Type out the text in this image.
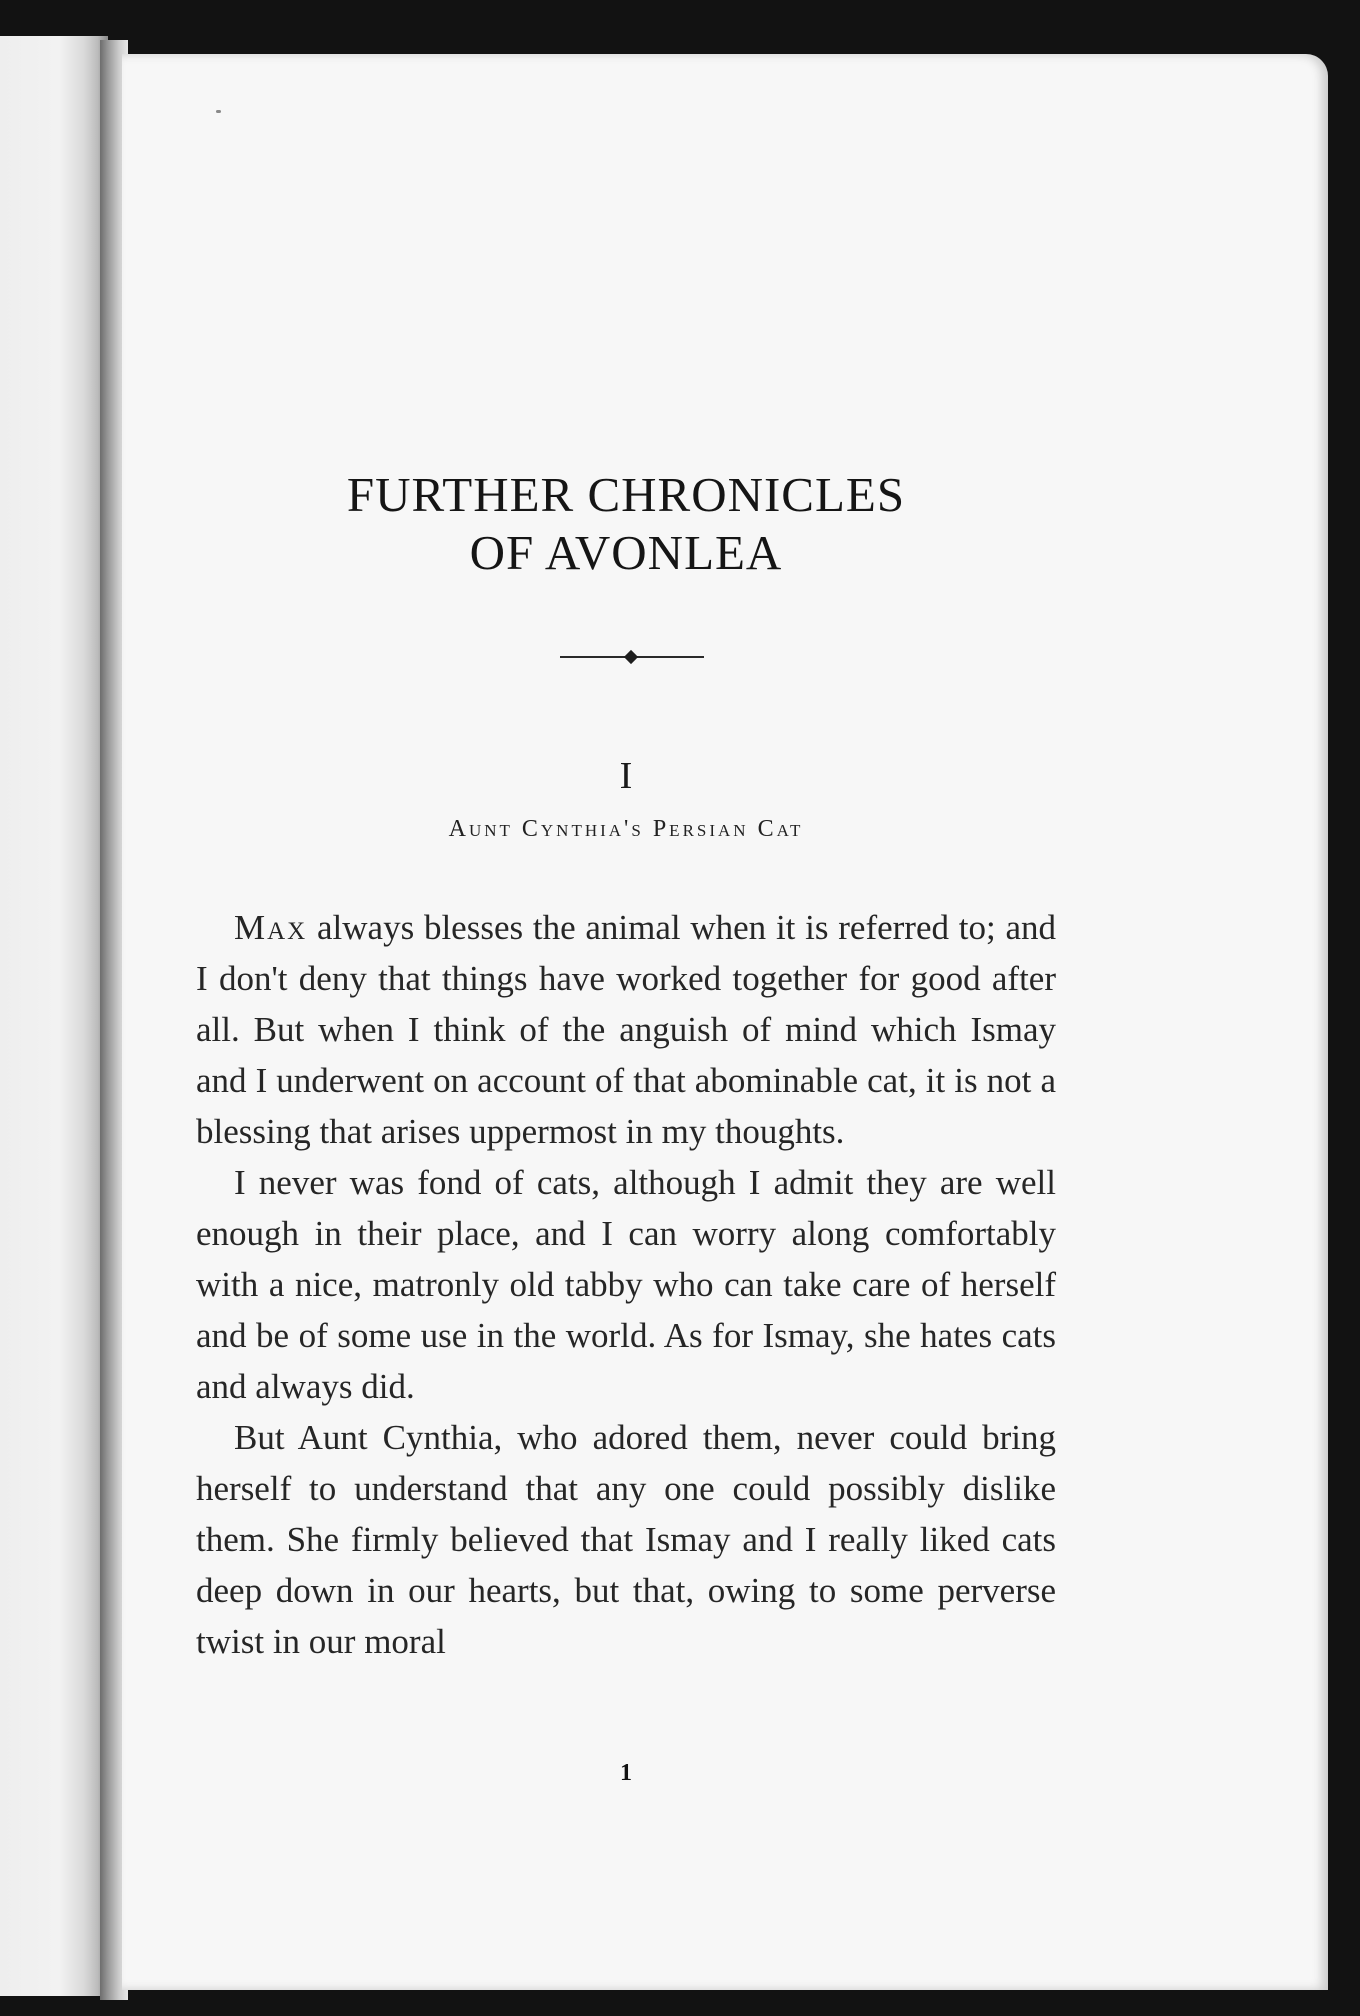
FURTHER CHRONICLES
OF AVONLEA
I
Aunt Cynthia's Persian Cat

Max always blesses the animal when it is referred to; and I don't deny that things have worked together for good after all. But when I think of the anguish of mind which Ismay and I underwent on account of that abominable cat, it is not a blessing that arises uppermost in my thoughts.

I never was fond of cats, although I admit they are well enough in their place, and I can worry along comfortably with a nice, matronly old tabby who can take care of herself and be of some use in the world. As for Ismay, she hates cats and always did.

But Aunt Cynthia, who adored them, never could bring herself to understand that any one could possibly dislike them. She firmly believed that Ismay and I really liked cats deep down in our hearts, but that, owing to some perverse twist in our moral

1
